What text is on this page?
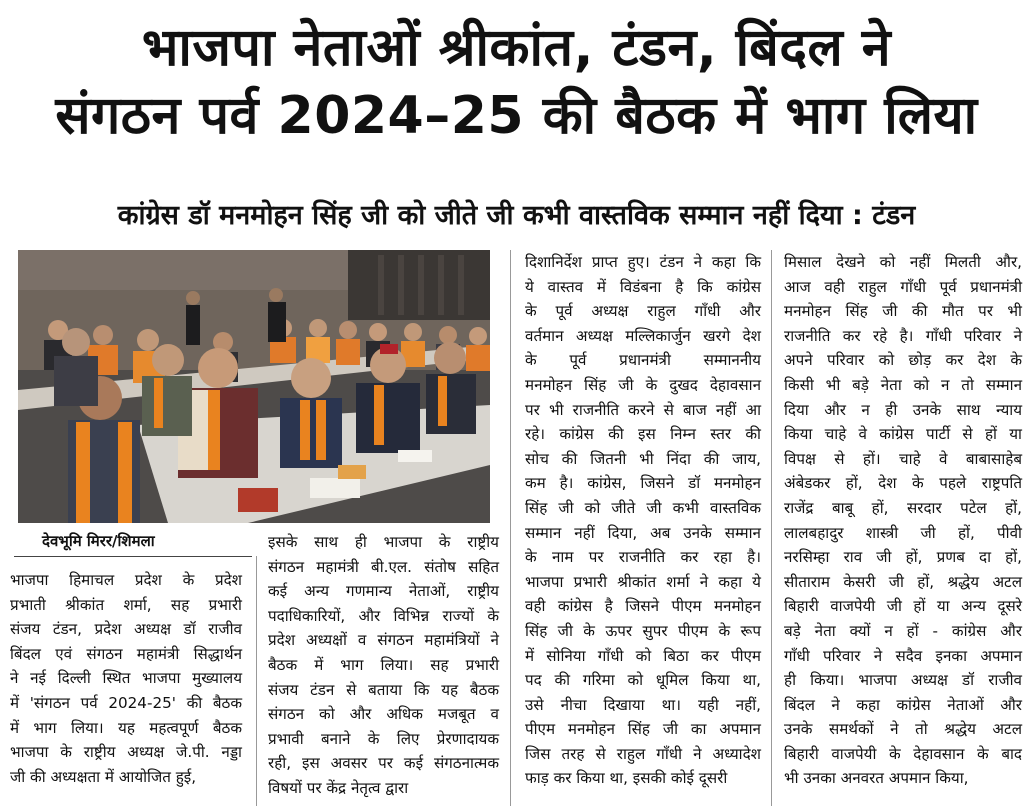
भाजपा नेताओं श्रीकांत, टंडन, बिंदल ने
संगठन पर्व 2024–25 की बैठक में भाग लिया
कांग्रेस डॉ मनमोहन सिंह जी को जीते जी कभी वास्तविक सम्मान नहीं दिया : टंडन
देवभूमि मिरर/शिमला
भाजपा हिमाचल प्रदेश के प्रदेश
प्रभाती श्रीकांत शर्मा, सह प्रभारी
संजय टंडन, प्रदेश अध्यक्ष डॉ राजीव
बिंदल एवं संगठन महामंत्री सिद्धार्थन
ने नई दिल्ली स्थित भाजपा मुख्यालय
में 'संगठन पर्व 2024-25' की बैठक
में भाग लिया। यह महत्वपूर्ण बैठक
भाजपा के राष्ट्रीय अध्यक्ष जे.पी. नड्डा
जी की अध्यक्षता में आयोजित हुई,
इसके साथ ही भाजपा के राष्ट्रीय
संगठन महामंत्री बी.एल. संतोष सहित
कई अन्य गणमान्य नेताओं, राष्ट्रीय
पदाधिकारियों, और विभिन्न राज्यों के
प्रदेश अध्यक्षों व संगठन महामंत्रियों ने
बैठक में भाग लिया। सह प्रभारी
संजय टंडन से बताया कि यह बैठक
संगठन को और अधिक मजबूत व
प्रभावी बनाने के लिए प्रेरणादायक
रही, इस अवसर पर कई संगठनात्मक
विषयों पर केंद्र नेतृत्व द्वारा
दिशानिर्देश प्राप्त हुए। टंडन ने कहा कि
ये वास्तव में विडंबना है कि कांग्रेस
के पूर्व अध्यक्ष राहुल गाँधी और
वर्तमान अध्यक्ष मल्लिकार्जुन खरगे देश
के पूर्व प्रधानमंत्री सम्माननीय
मनमोहन सिंह जी के दुखद देहावसान
पर भी राजनीति करने से बाज नहीं आ
रहे। कांग्रेस की इस निम्न स्तर की
सोच की जितनी भी निंदा की जाय,
कम है। कांग्रेस, जिसने डॉ मनमोहन
सिंह जी को जीते जी कभी वास्तविक
सम्मान नहीं दिया, अब उनके सम्मान
के नाम पर राजनीति कर रहा है।
भाजपा प्रभारी श्रीकांत शर्मा ने कहा ये
वही कांग्रेस है जिसने पीएम मनमोहन
सिंह जी के ऊपर सुपर पीएम के रूप
में सोनिया गाँधी को बिठा कर पीएम
पद की गरिमा को धूमिल किया था,
उसे नीचा दिखाया था। यही नहीं,
पीएम मनमोहन सिंह जी का अपमान
जिस तरह से राहुल गाँधी ने अध्यादेश
फाड़ कर किया था, इसकी कोई दूसरी
मिसाल देखने को नहीं मिलती और,
आज वही राहुल गाँधी पूर्व प्रधानमंत्री
मनमोहन सिंह जी की मौत पर भी
राजनीति कर रहे है। गाँधी परिवार ने
अपने परिवार को छोड़ कर देश के
किसी भी बड़े नेता को न तो सम्मान
दिया और न ही उनके साथ न्याय
किया चाहे वे कांग्रेस पार्टी से हों या
विपक्ष से हों। चाहे वे बाबासाहेब
अंबेडकर हों, देश के पहले राष्ट्रपति
राजेंद्र बाबू हों, सरदार पटेल हों,
लालबहादुर शास्त्री जी हों, पीवी
नरसिम्हा राव जी हों, प्रणब दा हों,
सीताराम केसरी जी हों, श्रद्धेय अटल
बिहारी वाजपेयी जी हों या अन्य दूसरे
बड़े नेता क्यों न हों - कांग्रेस और
गाँधी परिवार ने सदैव इनका अपमान
ही किया। भाजपा अध्यक्ष डॉ राजीव
बिंदल ने कहा कांग्रेस नेताओं और
उनके समर्थकों ने तो श्रद्धेय अटल
बिहारी वाजपेयी के देहावसान के बाद
भी उनका अनवरत अपमान किया,
